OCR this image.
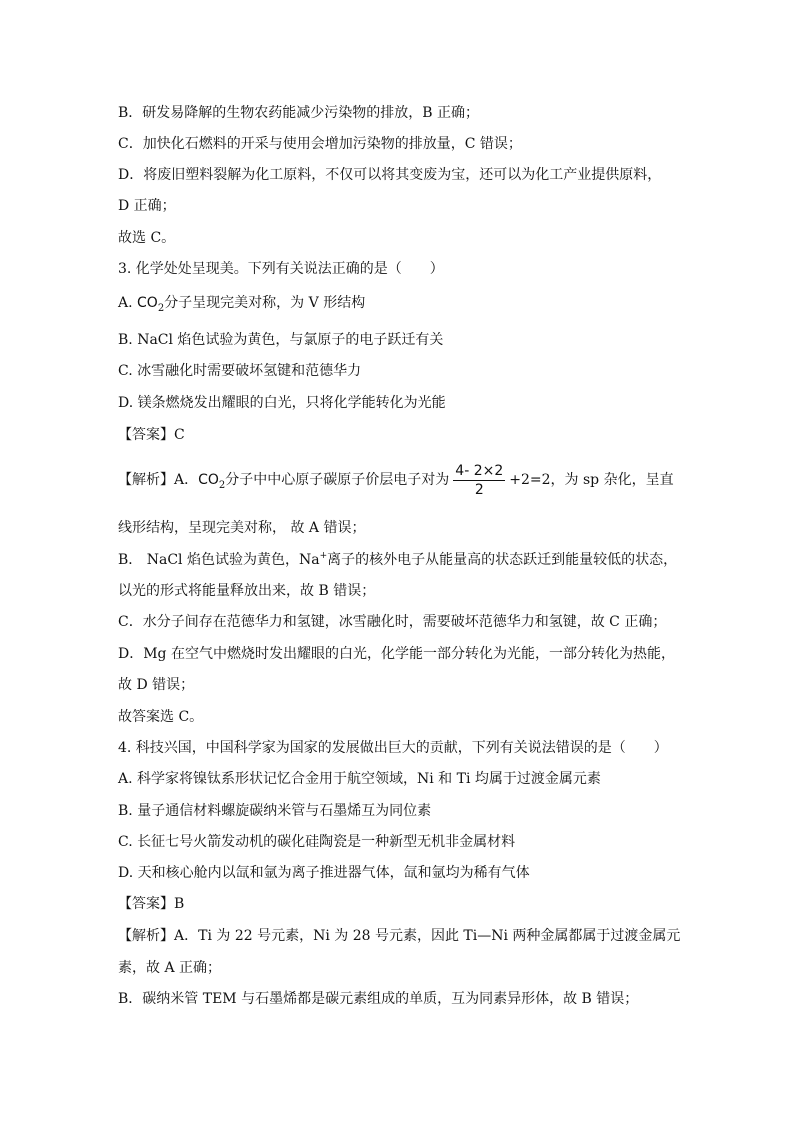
B．研发易降解的生物农药能减少污染物的排放，B 正确；
C．加快化石燃料的开采与使用会增加污染物的排放量，C 错误；
D．将废旧塑料裂解为化工原料，不仅可以将其变废为宝，还可以为化工产业提供原料，
D 正确；
故选 C。
3. 化学处处呈现美。下列有关说法正确的是（　　）
A. $CO_2$分子呈现完美对称，为 V 形结构
B. NaCl 焰色试验为黄色，与氯原子的电子跃迁有关
C. 冰雪融化时需要破坏氢键和范德华力
D. 镁条燃烧发出耀眼的白光，只将化学能转化为光能
【答案】C
【解析】A．$CO_2$分子中中心原子碳原子价层电子对为 $\frac{4- 2\times 2}{2} +2=2$，为 sp 杂化，呈直
线形结构，呈现完美对称， 故 A 错误；
B． NaCl 焰色试验为黄色，Na+离子的核外电子从能量高的状态跃迁到能量较低的状态，
以光的形式将能量释放出来，故 B 错误；
C．水分子间存在范德华力和氢键，冰雪融化时，需要破坏范德华力和氢键，故 C 正确；
D．Mg 在空气中燃烧时发出耀眼的白光，化学能一部分转化为光能，一部分转化为热能，
故 D 错误；
故答案选 C。
4. 科技兴国，中国科学家为国家的发展做出巨大的贡献，下列有关说法错误的是（　　）
A. 科学家将镍钛系形状记忆合金用于航空领域，Ni 和 Ti 均属于过渡金属元素
B. 量子通信材料螺旋碳纳米管与石墨烯互为同位素
C. 长征七号火箭发动机的碳化硅陶瓷是一种新型无机非金属材料
D. 天和核心舱内以氙和氩为离子推进器气体，氙和氩均为稀有气体
【答案】B
【解析】A．Ti 为 22 号元素，Ni 为 28 号元素，因此 Ti—Ni 两种金属都属于过渡金属元
素，故 A 正确；
B．碳纳米管 TEM 与石墨烯都是碳元素组成的单质，互为同素异形体，故 B 错误；
